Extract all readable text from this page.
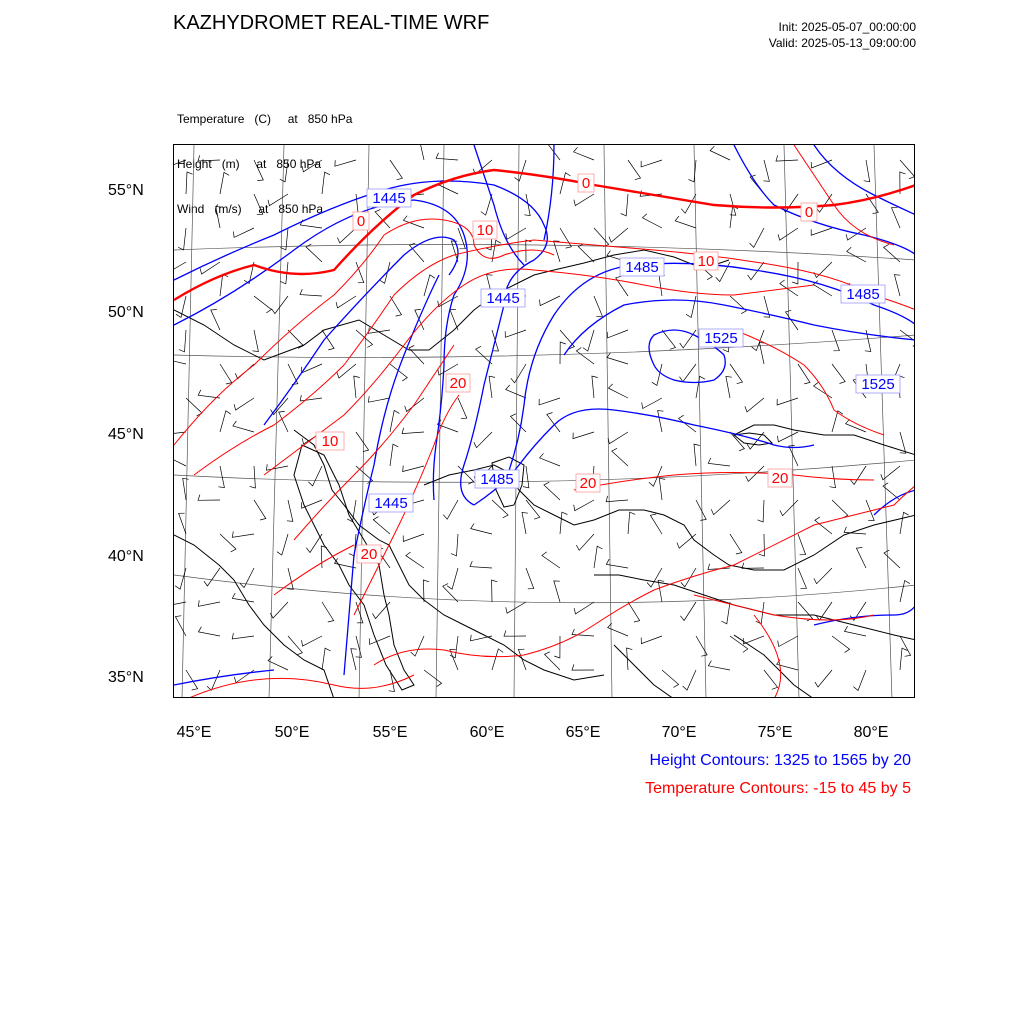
KAZHYDROMET REAL-TIME WRF	Init: 2025-05-07_00:00:00
Valid: 2025-05-13_09:00:00

Temperature   (C)     at   850 hPa

Height   (m)     at   850 hPa

Wind   (m/s)     at   850 hPa

1445
1445
1485
1485
1525
1525
1485
1445
0
0
0
10
10
20
10
20	20
20
45°E	50°E	55°E	60°E	65°E	70°E	75°E	80°E
55°N
50°N
45°N
40°N
35°N
Height Contours: 1325 to 1565 by 20
Temperature Contours: -15 to 45 by 5
